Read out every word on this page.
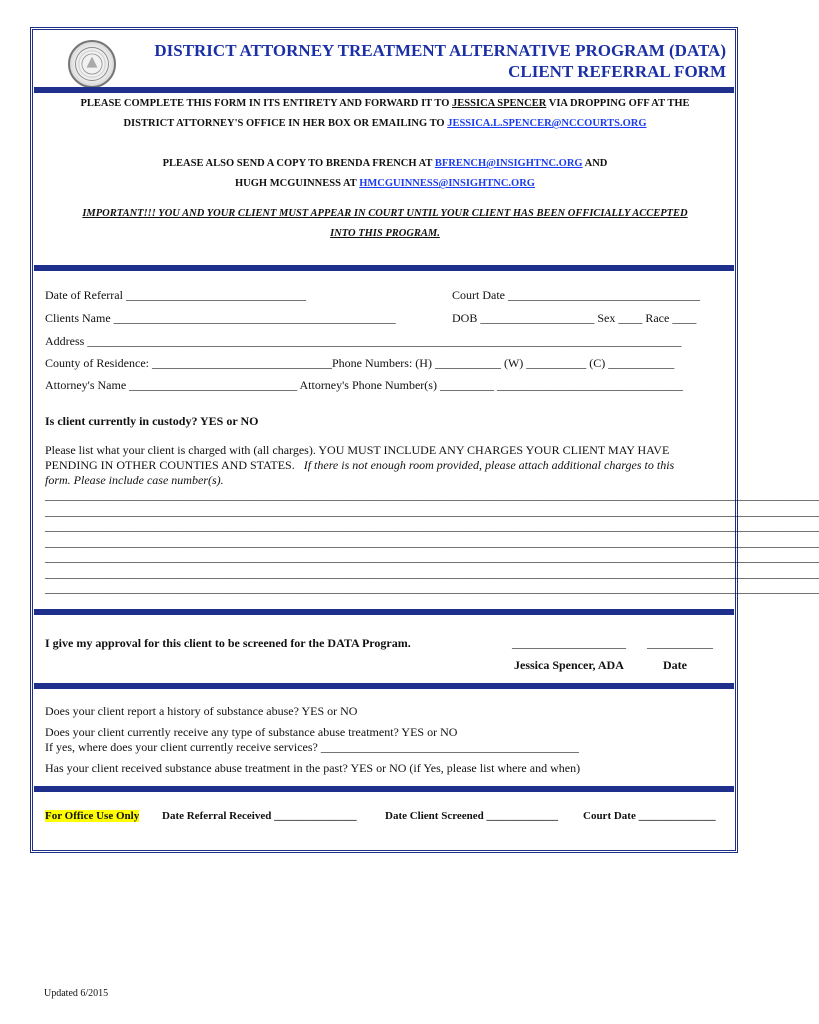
DISTRICT ATTORNEY TREATMENT ALTERNATIVE PROGRAM (DATA)
CLIENT REFERRAL FORM
PLEASE COMPLETE THIS FORM IN ITS ENTIRETY AND FORWARD IT TO JESSICA SPENCER VIA DROPPING OFF AT THE
DISTRICT ATTORNEY'S OFFICE IN HER BOX OR EMAILING TO JESSICA.L.SPENCER@NCCOURTS.ORG
PLEASE ALSO SEND A COPY TO BRENDA FRENCH AT BFRENCH@INSIGHTNC.ORG AND
HUGH MCGUINNESS AT HMCGUINNESS@INSIGHTNC.ORG
IMPORTANT!!! YOU AND YOUR CLIENT MUST APPEAR IN COURT UNTIL YOUR CLIENT HAS BEEN OFFICIALLY ACCEPTED
INTO THIS PROGRAM.
Date of Referral ______________________________	Court Date ________________________________
Clients Name _______________________________________________	DOB ___________________ Sex ____ Race ____
Address ___________________________________________________________________________________________________
County of Residence: ______________________________Phone Numbers: (H) ___________ (W) __________ (C) ___________
Attorney's Name ____________________________ Attorney's Phone Number(s) _________ _______________________________
Is client currently in custody? YES or NO
Please list what your client is charged with (all charges). YOU MUST INCLUDE ANY CHARGES YOUR CLIENT MAY HAVE
PENDING IN OTHER COUNTIES AND STATES. If there is not enough room provided, please attach additional charges to this
form. Please include case number(s).
_________________________________________________________________________________________________________________________________
_________________________________________________________________________________________________________________________________
_________________________________________________________________________________________________________________________________
_________________________________________________________________________________________________________________________________
_________________________________________________________________________________________________________________________________
_________________________________________________________________________________________________________________________________
_________________________________________________________________________________________________________________________________
I give my approval for this client to be screened for the DATA Program.	___________________ ___________
Jessica Spencer, ADA	Date
Does your client report a history of substance abuse? YES or NO
Does your client currently receive any type of substance abuse treatment? YES or NO
If yes, where does your client currently receive services? ___________________________________________
Has your client received substance abuse treatment in the past? YES or NO (if Yes, please list where and when)
For Office Use Only Date Referral Received _______________	Date Client Screened _____________ Court Date ______________
Updated 6/2015
